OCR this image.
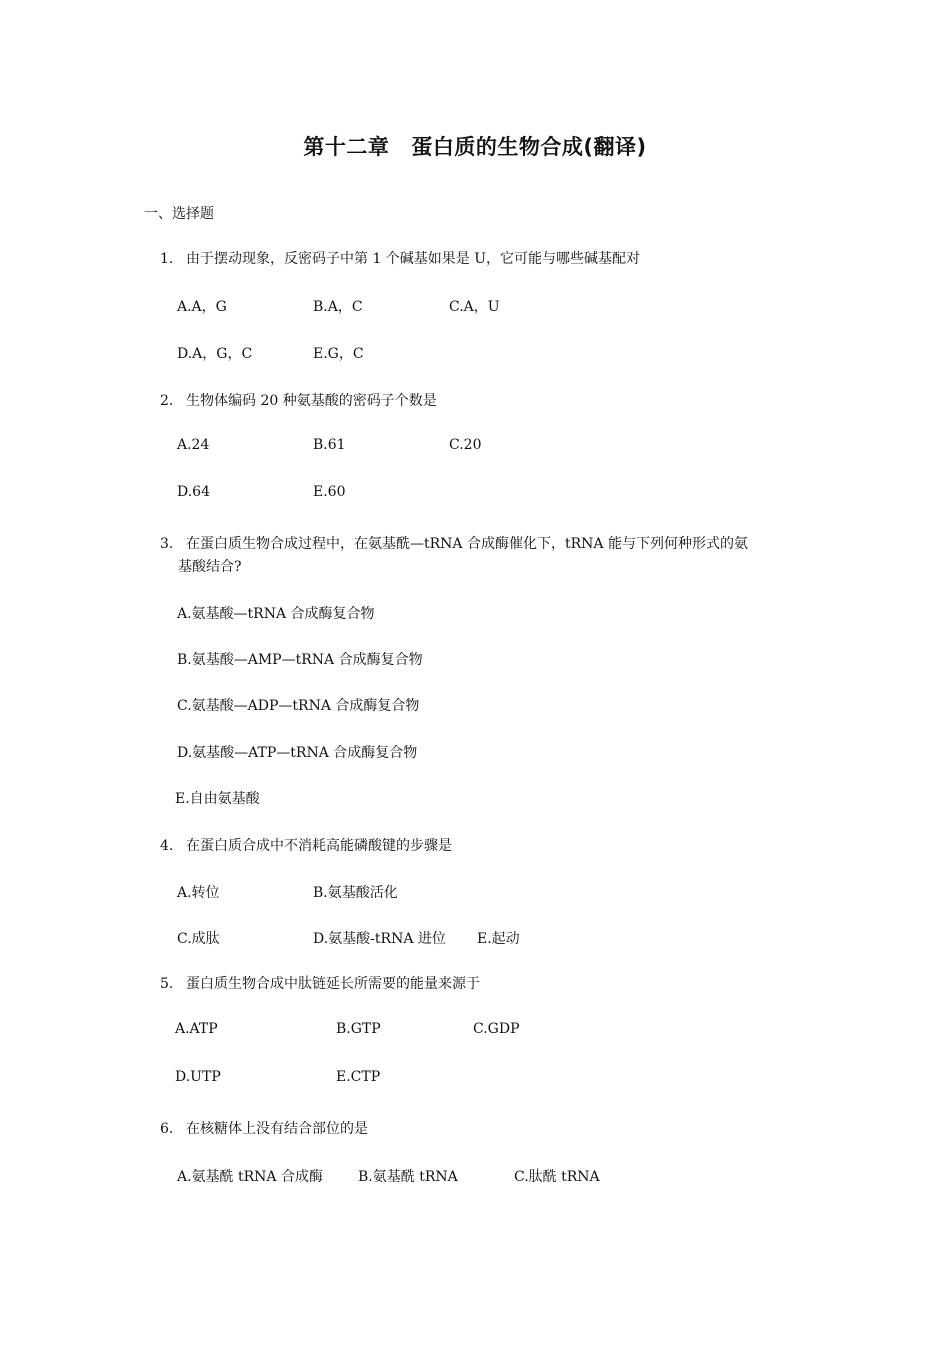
第十二章 蛋白质的生物合成(翻译)
一、选择题
1. 由于摆动现象，反密码子中第 1 个碱基如果是 U，它可能与哪些碱基配对
A.A，G	B.A，C	C.A，U
D.A，G，C	E.G，C
2. 生物体编码 20 种氨基酸的密码子个数是
A.24	B.61	C.20
D.64	E.60
3. 在蛋白质生物合成过程中，在氨基酰—tRNA 合成酶催化下，tRNA 能与下列何种形式的氨
基酸结合?
A.氨基酸—tRNA 合成酶复合物
B.氨基酸—AMP—tRNA 合成酶复合物
C.氨基酸—ADP—tRNA 合成酶复合物
D.氨基酸—ATP—tRNA 合成酶复合物
E.自由氨基酸
4. 在蛋白质合成中不消耗高能磷酸键的步骤是
A.转位	B.氨基酸活化
C.成肽	D.氨基酸-tRNA 进位 E.起动
5. 蛋白质生物合成中肽链延长所需要的能量来源于
A.ATP	B.GTP	C.GDP
D.UTP	E.CTP
6. 在核糖体上没有结合部位的是
A.氨基酰 tRNA 合成酶	B.氨基酰 tRNA	C.肽酰 tRNA
